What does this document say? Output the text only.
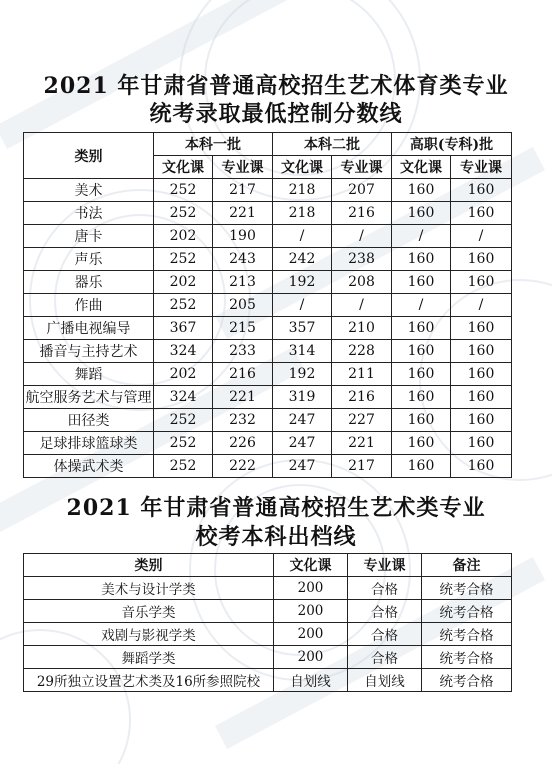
2021 年甘肃省普通高校招生艺术体育类专业
统考录取最低控制分数线
类别	本科一批		本科二批		高职(专科)批	
	文化课	专业课	文化课	专业课	文化课	专业课
美术	252	217	218	207	160	160
书法	252	221	218	216	160	160
唐卡	202	190	/	/	/	/
声乐	252	243	242	238	160	160
器乐	202	213	192	208	160	160
作曲	252	205	/	/	/	/
广播电视编导	367	215	357	210	160	160
播音与主持艺术	324	233	314	228	160	160
舞蹈	202	216	192	211	160	160
航空服务艺术与管理	324	221	319	216	160	160
田径类	252	232	247	227	160	160
足球排球篮球类	252	226	247	221	160	160
体操武术类	252	222	247	217	160	160
2021 年甘肃省普通高校招生艺术类专业
校考本科出档线
类别	文化课	专业课	备注
美术与设计学类	200	合格	统考合格
音乐学类	200	合格	统考合格
戏剧与影视学类	200	合格	统考合格
舞蹈学类	200	合格	统考合格
29所独立设置艺术类及16所参照院校	自划线	自划线	统考合格
